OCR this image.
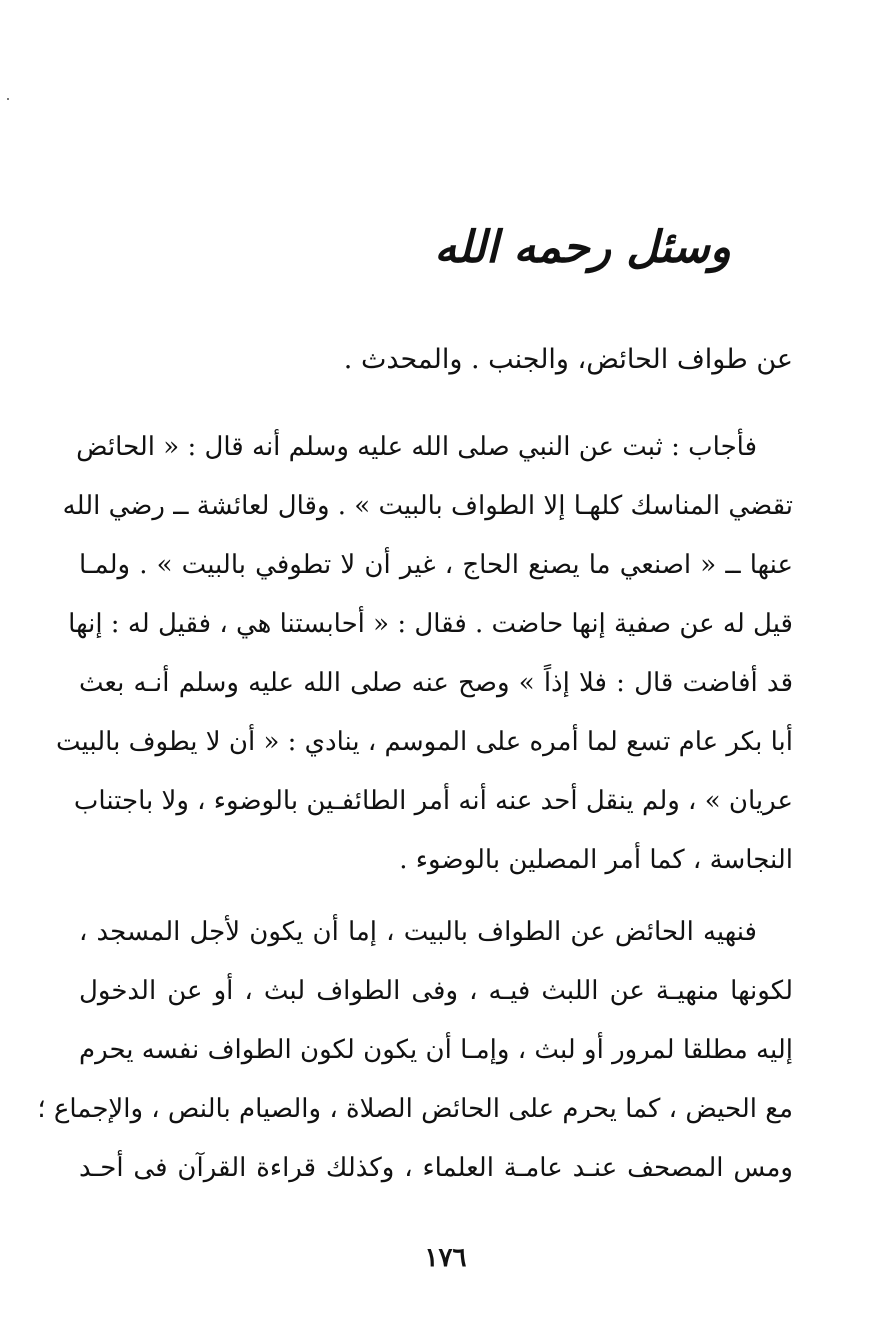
وسئل رحمه الله
عن طواف الحائض، والجنب . والمحدث .
فأجاب : ثبت عن النبي صلى الله عليه وسلم أنه قال : « الحائض
تقضي المناسك كلهـا إلا الطواف بالبيت » . وقال لعائشة ــ رضي الله
عنها ــ « اصنعي ما يصنع الحاج ، غير أن لا تطوفي بالبيت » . ولمـا
قيل له عن صفية إنها حاضت . فقال : « أحابستنا هي ، فقيل له : إنها
قد أفاضت قال : فلا إذاً » وصح عنه صلى الله عليه وسلم أنـه بعث
أبا بكر عام تسع لما أمره على الموسم ، ينادي : « أن لا يطوف بالبيت
عريان » ، ولم ينقل أحد عنه أنه أمر الطائفـين بالوضوء ، ولا باجتناب
النجاسة ، كما أمر المصلين بالوضوء .
فنهيه الحائض عن الطواف بالبيت ، إما أن يكون لأجل المسجد ،
لكونها منهيـة عن اللبث فيـه ، وفى الطواف لبث ، أو عن الدخول
إليه مطلقا لمرور أو لبث ، وإمـا أن يكون لكون الطواف نفسه يحرم
مع الحيض ، كما يحرم على الحائض الصلاة ، والصيام بالنص ، والإجماع ؛
ومس المصحف عنـد عامـة العلماء ، وكذلك قراءة القرآن فى أحـد
١٧٦
